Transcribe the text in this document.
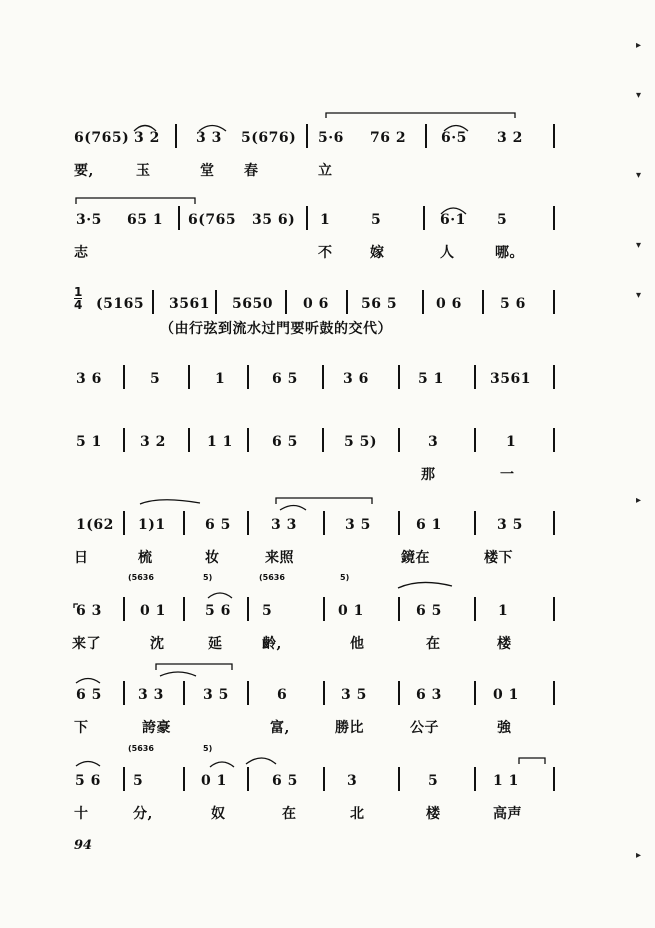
6(765) 3 2	3 3 5(676) 5·6 76 2 6·5 3 2
要,	玉	堂 春	立
3·5 65 1 6(765 35 6) 1	5	6·1 5
志	不	嫁	人	哪。
(5165 3561 5650 0 6 56 5	0 6	5 6
3 6	5	1	6 5	3 6	5 1	3561
5 1	3 2	1 1	6 5	5 5)	3	1
那	一
1(62 1)1	6 5	3 3	3 5	6 1	3 5
日	梳	妆	来照	鏡在	楼下
6 3	0 1	5 6 5	0 1	6 5	1
来了	沈	延	齡,	他	在	楼
6 5	3 3	3 5	6	3 5	6 3	0 1
下	誇豪	富,	勝比	公子	強
5 6 5	0 1	6 5	3	5	1 1
十	分,	奴	在	北	楼	高声
$\frac{1}{4}$
（由行弦到流水过門要听鼓的交代）
(5636	5)	(5636	5)
(5636	5)
94
▸
▾
▾
▾
▾
▸
▸
